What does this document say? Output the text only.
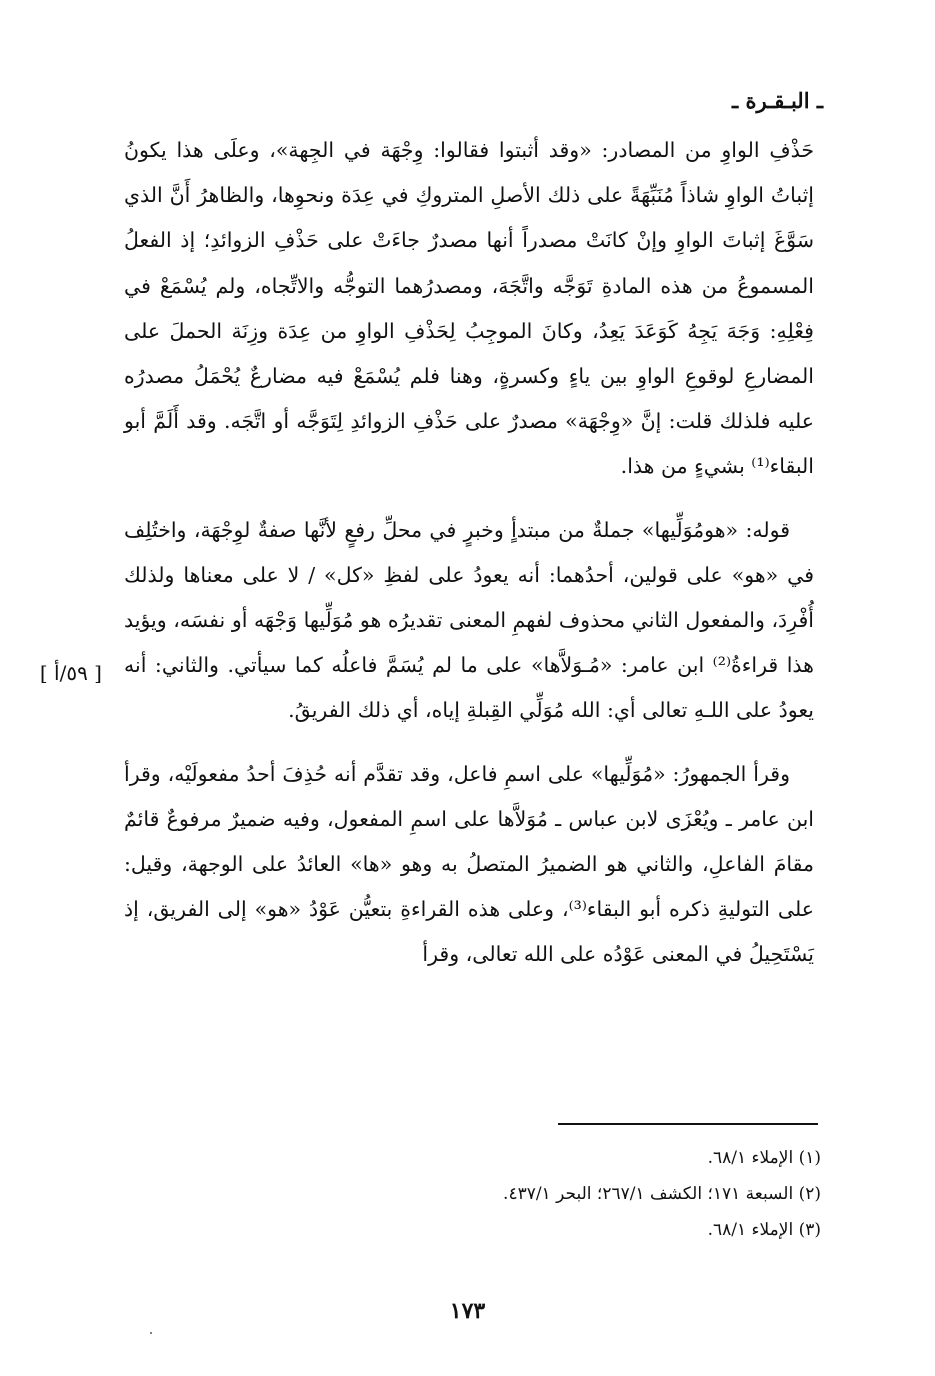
ـ البـقـرة ـ
[ ٥٩/أ ]

حَذْفِ الواوِ من المصادر: «وقد أثبتوا فقالوا: وِجْهَة في الجِهة»، وعلَى هذا يكونُ إثباتُ الواوِ شاذاً مُنَبِّهَةً على ذلك الأصلِ المتروكِ في عِدَة ونحوِها، والظاهرُ أَنَّ الذي سَوَّغَ إثباتَ الواوِ وإنْ كانَتْ مصدراً أنها مصدرٌ جاءَتْ على حَذْفِ الزوائدِ؛ إذ الفعلُ المسموعُ من هذه المادةِ تَوَجَّه واتَّجَهَ، ومصدرُهما التوجُّه والاتِّجاه، ولم يُسْمَعْ في فِعْلِهِ: وَجَهَ يَجِهُ كَوَعَدَ يَعِدُ، وكانَ الموجِبُ لِحَذْفِ الواوِ من عِدَة وزِنَة الحملَ على المضارعِ لوقوعِ الواوِ بين ياءٍ وكسرةٍ، وهنا فلم يُسْمَعْ فيه مضارعٌ يُحْمَلُ مصدرُه عليه فلذلك قلت: إنَّ «وِجْهَة» مصدرٌ على حَذْفِ الزوائدِ لِتَوَجَّه أو اتَّجَه. وقد أَلَمَّ أبو البقاء⁽¹⁾ بشيءٍ من هذا.

قوله: «هومُوَلِّيها» جملةٌ من مبتدأٍ وخبرٍ في محلِّ رفعٍ لأنَّها صفةٌ لوِجْهَة، واختُلِف في «هو» على قولين، أحدُهما: أنه يعودُ على لفظِ «كل» / لا على معناها ولذلك أُفْرِدَ، والمفعول الثاني محذوف لفهمِ المعنى تقديرُه هو مُوَلِّيها وَجْهَه أو نفسَه، ويؤيد هذا قراءةُ⁽²⁾ ابن عامر: «مُـوَلاَّها» على ما لم يُسَمَّ فاعلُه كما سيأتي. والثاني: أنه يعودُ على اللـهِ تعالى أي: الله مُوَلِّي القِبلةِ إياه، أي ذلك الفريقُ.

وقرأ الجمهورُ: «مُوَلِّيها» على اسمِ فاعل، وقد تقدَّم أنه حُذِفَ أحدُ مفعولَيْه، وقرأ ابن عامر ـ ويُعْزَى لابن عباس ـ مُوَلاَّها على اسمِ المفعول، وفيه ضميرٌ مرفوعٌ قائمٌ مقامَ الفاعلِ، والثاني هو الضميرُ المتصلُ به وهو «ها» العائدُ على الوجهة، وقيل: على التوليةِ ذكره أبو البقاء⁽³⁾، وعلى هذه القراءةِ بتعيُّن عَوْدُ «هو» إلى الفريق، إذ يَسْتَحِيلُ في المعنى عَوْدُه على الله تعالى، وقرأ

(١) الإملاء ٦٨/١.

(٢) السبعة ١٧١؛ الكشف ٢٦٧/١؛ البحر ٤٣٧/١.

(٣) الإملاء ٦٨/١.

١٧٣
